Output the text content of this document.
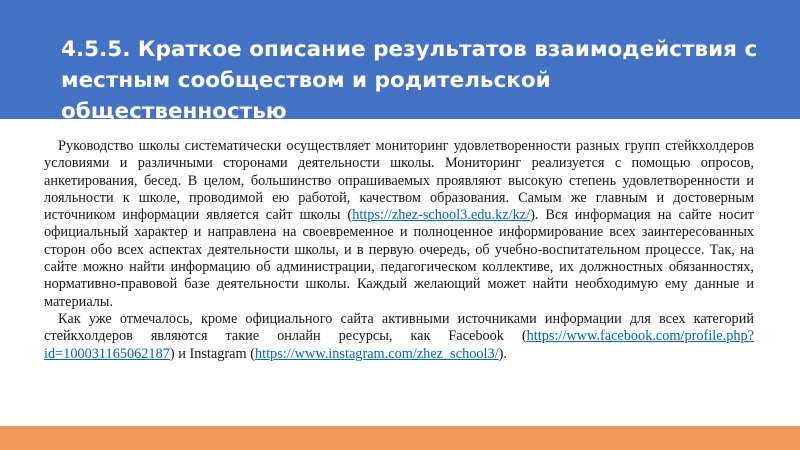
4.5.5. Краткое описание результатов взаимодействия с местным сообществом и родительской общественностью

Руководство школы систематически осуществляет мониторинг удовлетворенности разных групп стейкхолдеров условиями и различными сторонами деятельности школы. Мониторинг реализуется с помощью опросов, анкетирования, бесед. В целом, большинство опрашиваемых проявляют высокую степень удовлетворенности и лояльности к школе, проводимой ею работой, качеством образования. Самым же главным и достоверным источником информации является сайт школы (https://zhez-school3.edu.kz/kz/). Вся информация на сайте носит официальный характер и направлена на своевременное и полноценное информирование всех заинтересованных сторон обо всех аспектах деятельности школы, и в первую очередь, об учебно-воспитательном процессе. Так, на сайте можно найти информацию об администрации, педагогическом коллективе, их должностных обязанностях, нормативно-правовой базе деятельности школы. Каждый желающий может найти необходимую ему данные и материалы.

Как уже отмечалось, кроме официального сайта активными источниками информации для всех категорий стейкхолдеров являются такие онлайн ресурсы, как Facebook (https://www.facebook.com/profile.php?id=100031165062187) и Instagram (https://www.instagram.com/zhez_school3/).
